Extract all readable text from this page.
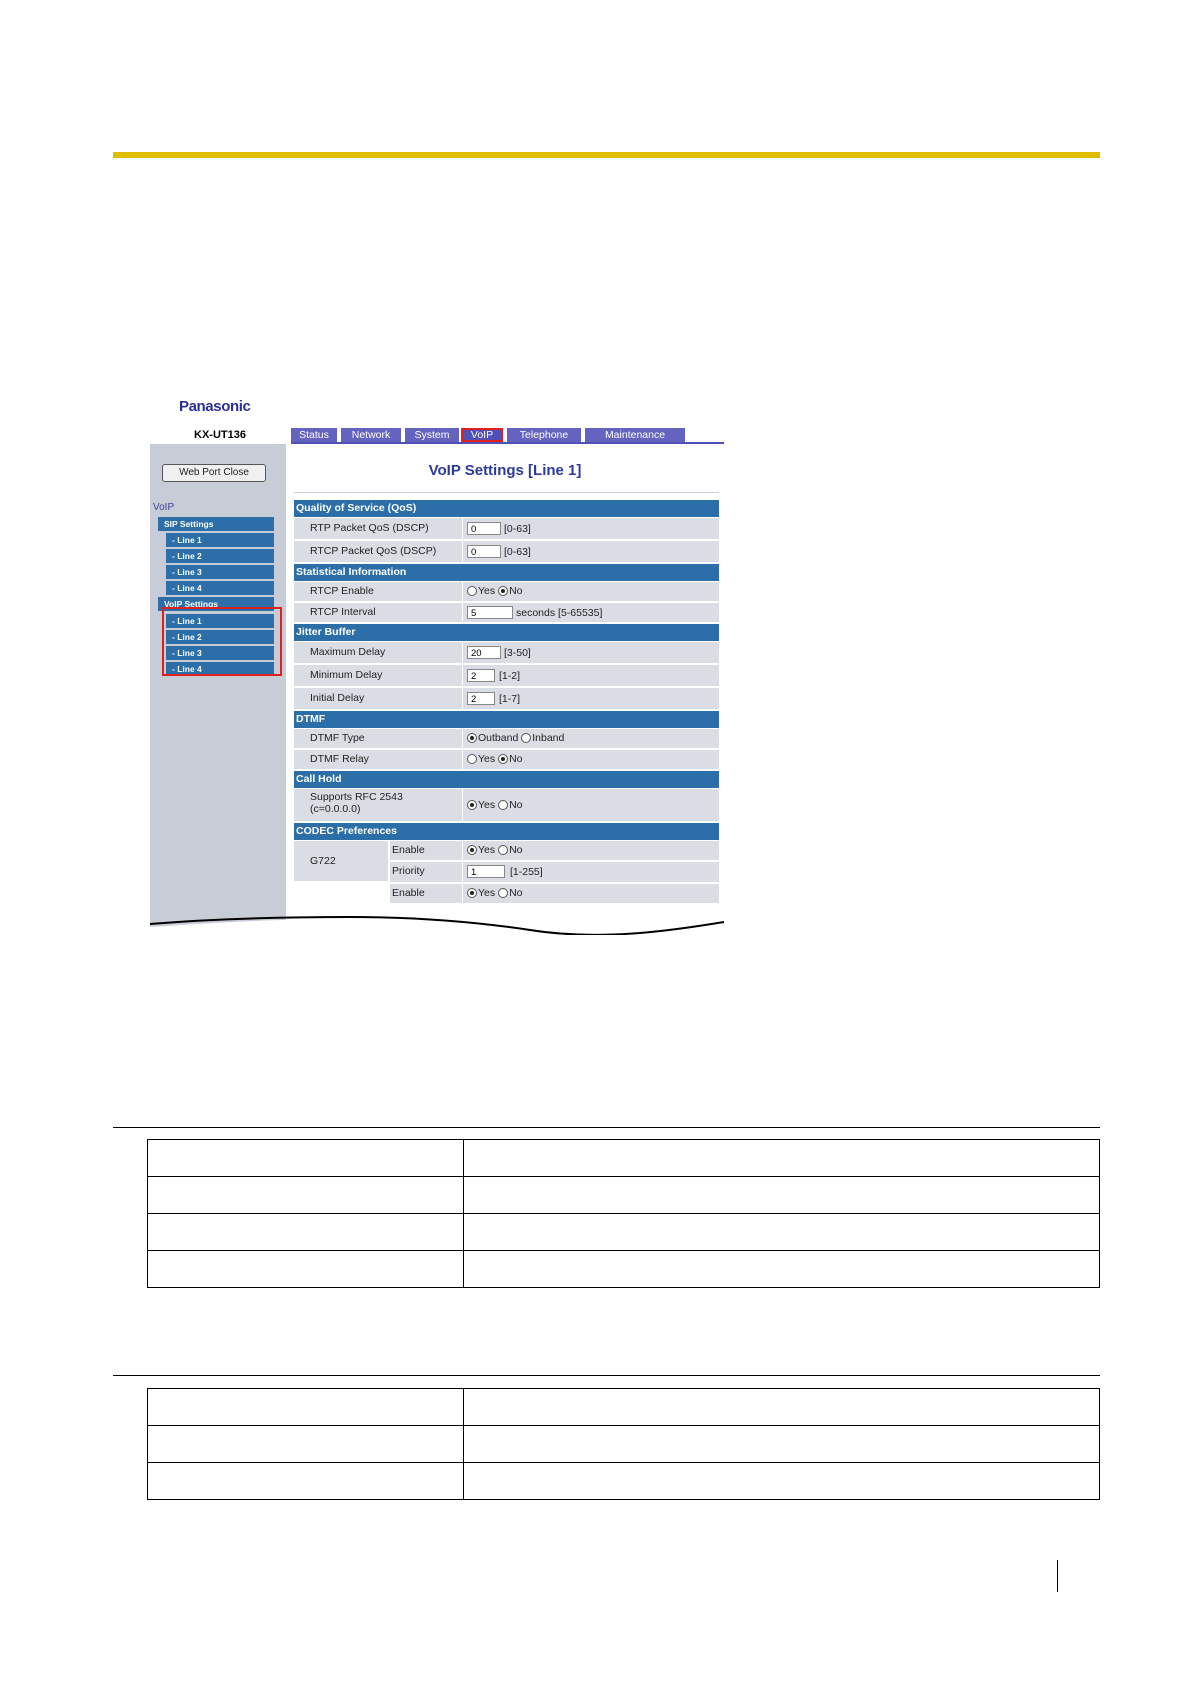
Panasonic
KX-UT136	Status	Network	System	VoIP	Telephone	Maintenance
Web Port Close
VoIP
SIP Settings
- Line 1
- Line 2
- Line 3
- Line 4
VoIP Settings
- Line 1
- Line 2
- Line 3
- Line 4
VoIP Settings [Line 1]
Quality of Service (QoS)
RTP Packet QoS (DSCP)	0	[0-63]
RTCP Packet QoS (DSCP)	0	[0-63]
Statistical Information
RTCP Enable	Yes No
RTCP Interval	5	seconds [5-65535]
Jitter Buffer
Maximum Delay	20	[3-50]
Minimum Delay	2	[1-2]
Initial Delay	2	[1-7]
DTMF
DTMF Type	Outband Inband
DTMF Relay	Yes No
Call Hold
Supports RFC 2543
(c=0.0.0.0)	Yes No
CODEC Preferences
G722
Enable	Yes No
Priority	1	[1-255]
Enable	Yes No
